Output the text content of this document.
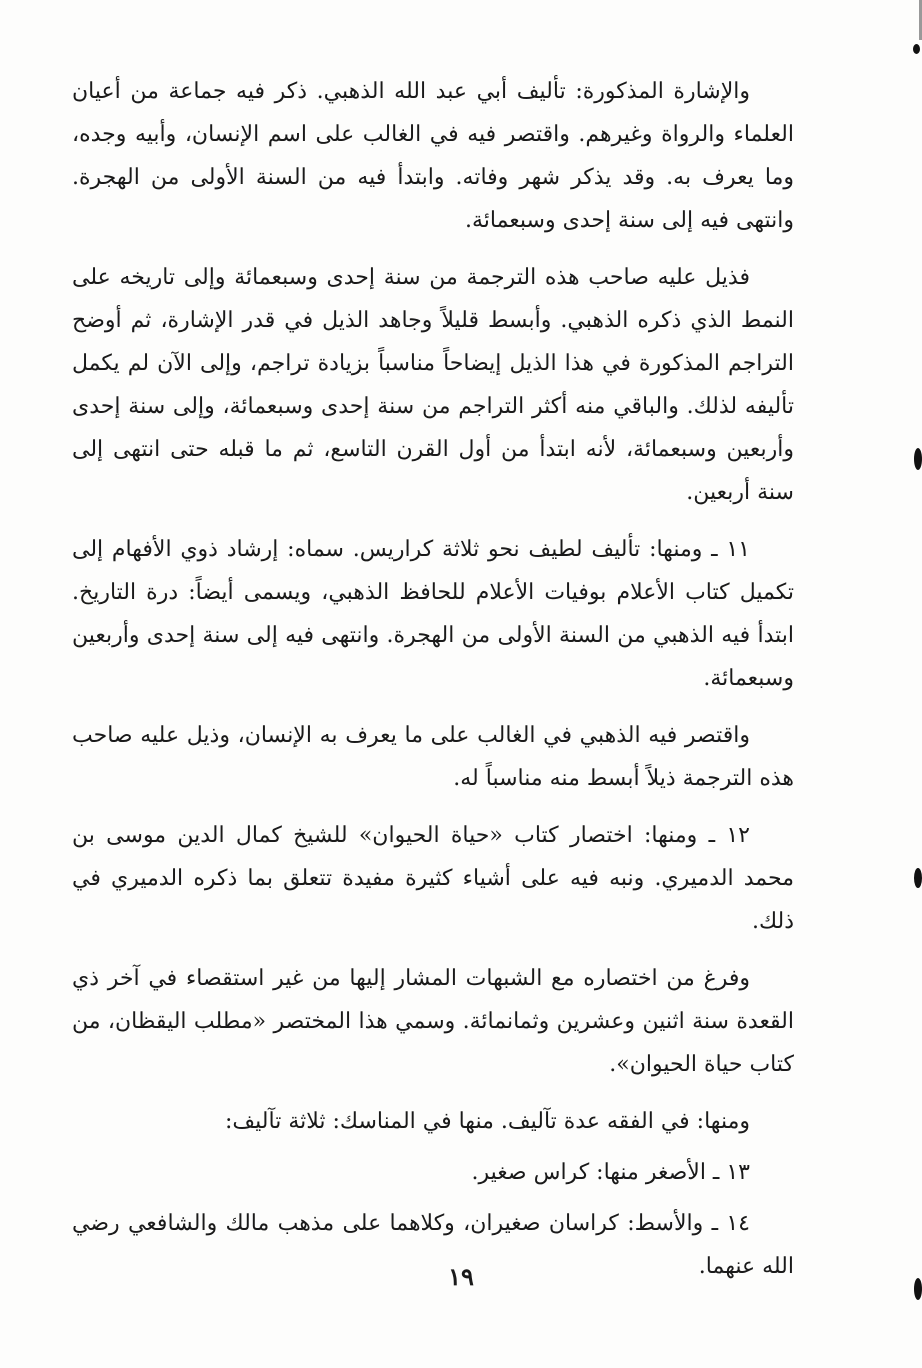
والإشارة المذكورة: تأليف أبي عبد الله الذهبي. ذكر فيه جماعة من أعيان العلماء والرواة وغيرهم. واقتصر فيه في الغالب على اسم الإنسان، وأبيه وجده، وما يعرف به. وقد يذكر شهر وفاته. وابتدأ فيه من السنة الأولى من الهجرة. وانتهى فيه إلى سنة إحدى وسبعمائة.

فذيل عليه صاحب هذه الترجمة من سنة إحدى وسبعمائة وإلى تاريخه على النمط الذي ذكره الذهبي. وأبسط قليلاً وجاهد الذيل في قدر الإشارة، ثم أوضح التراجم المذكورة في هذا الذيل إيضاحاً مناسباً بزيادة تراجم، وإلى الآن لم يكمل تأليفه لذلك. والباقي منه أكثر التراجم من سنة إحدى وسبعمائة، وإلى سنة إحدى وأربعين وسبعمائة، لأنه ابتدأ من أول القرن التاسع، ثم ما قبله حتى انتهى إلى سنة أربعين.

١١ ـ ومنها: تأليف لطيف نحو ثلاثة كراريس. سماه: إرشاد ذوي الأفهام إلى تكميل كتاب الأعلام بوفيات الأعلام للحافظ الذهبي، ويسمى أيضاً: درة التاريخ. ابتدأ فيه الذهبي من السنة الأولى من الهجرة. وانتهى فيه إلى سنة إحدى وأربعين وسبعمائة.

واقتصر فيه الذهبي في الغالب على ما يعرف به الإنسان، وذيل عليه صاحب هذه الترجمة ذيلاً أبسط منه مناسباً له.

١٢ ـ ومنها: اختصار كتاب «حياة الحيوان» للشيخ كمال الدين موسى بن محمد الدميري. ونبه فيه على أشياء كثيرة مفيدة تتعلق بما ذكره الدميري في ذلك.

وفرغ من اختصاره مع الشبهات المشار إليها من غير استقصاء في آخر ذي القعدة سنة اثنين وعشرين وثمانمائة. وسمي هذا المختصر «مطلب اليقظان، من كتاب حياة الحيوان».

ومنها: في الفقه عدة تآليف. منها في المناسك: ثلاثة تآليف:

١٣ ـ الأصغر منها: كراس صغير.

١٤ ـ والأسط: كراسان صغيران، وكلاهما على مذهب مالك والشافعي رضي الله عنهما.

١٩
